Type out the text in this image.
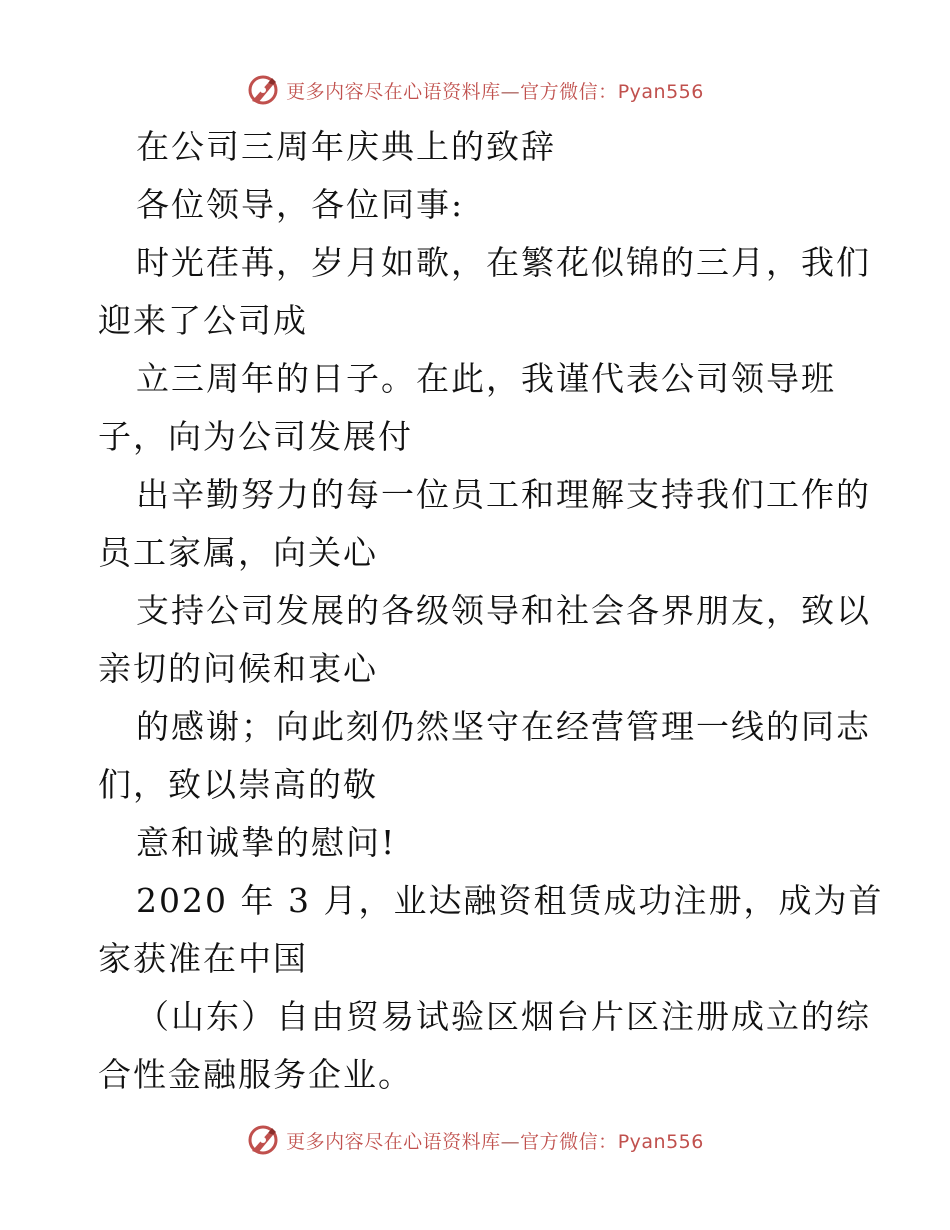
更多内容尽在心语资料库—官方微信：Pyan556
在公司三周年庆典上的致辞
各位领导，各位同事:
时光荏苒，岁月如歌，在繁花似锦的三月，我们
迎来了公司成
立三周年的日子。在此，我谨代表公司领导班
子，向为公司发展付
出辛勤努力的每一位员工和理解支持我们工作的
员工家属，向关心
支持公司发展的各级领导和社会各界朋友，致以
亲切的问候和衷心
的感谢；向此刻仍然坚守在经营管理一线的同志
们，致以崇高的敬
意和诚挚的慰问!
2020 年 3 月，业达融资租赁成功注册，成为首
家获准在中国
（山东）自由贸易试验区烟台片区注册成立的综
合性金融服务企业。
更多内容尽在心语资料库—官方微信：Pyan556
